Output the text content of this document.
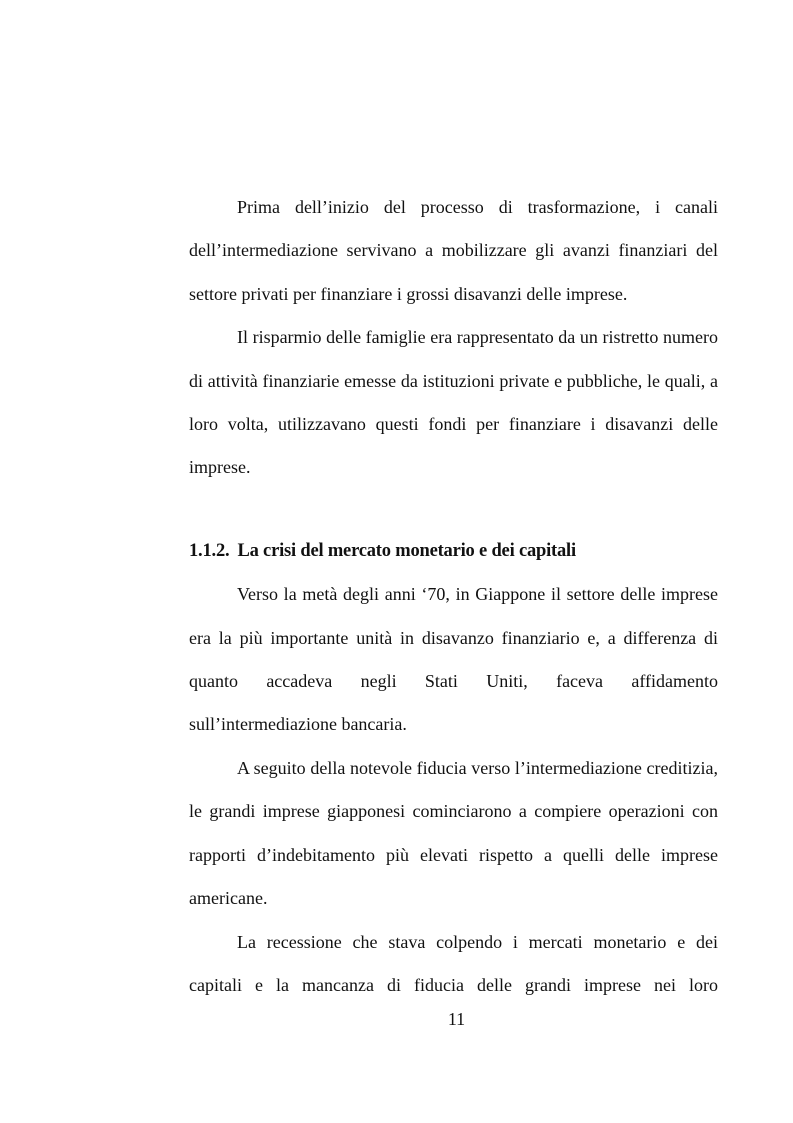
Prima dell’inizio del processo di trasformazione, i canali dell’intermediazione servivano a mobilizzare gli avanzi finanziari del settore privati per finanziare i grossi disavanzi delle imprese.

Il risparmio delle famiglie era rappresentato da un ristretto numero di attività finanziarie emesse da istituzioni private e pubbliche, le quali, a loro volta, utilizzavano questi fondi per finanziare i disavanzi delle imprese.

1.1.2. La crisi del mercato monetario e dei capitali

Verso la metà degli anni ‘70, in Giappone il settore delle imprese era la più importante unità in disavanzo finanziario e, a differenza di quanto accadeva negli Stati Uniti, faceva affidamento sull’intermediazione bancaria.

A seguito della notevole fiducia verso l’intermediazione creditizia, le grandi imprese giapponesi cominciarono a compiere operazioni con rapporti d’indebitamento più elevati rispetto a quelli delle imprese americane.

La recessione che stava colpendo i mercati monetario e dei capitali e la mancanza di fiducia delle grandi imprese nei loro

11
